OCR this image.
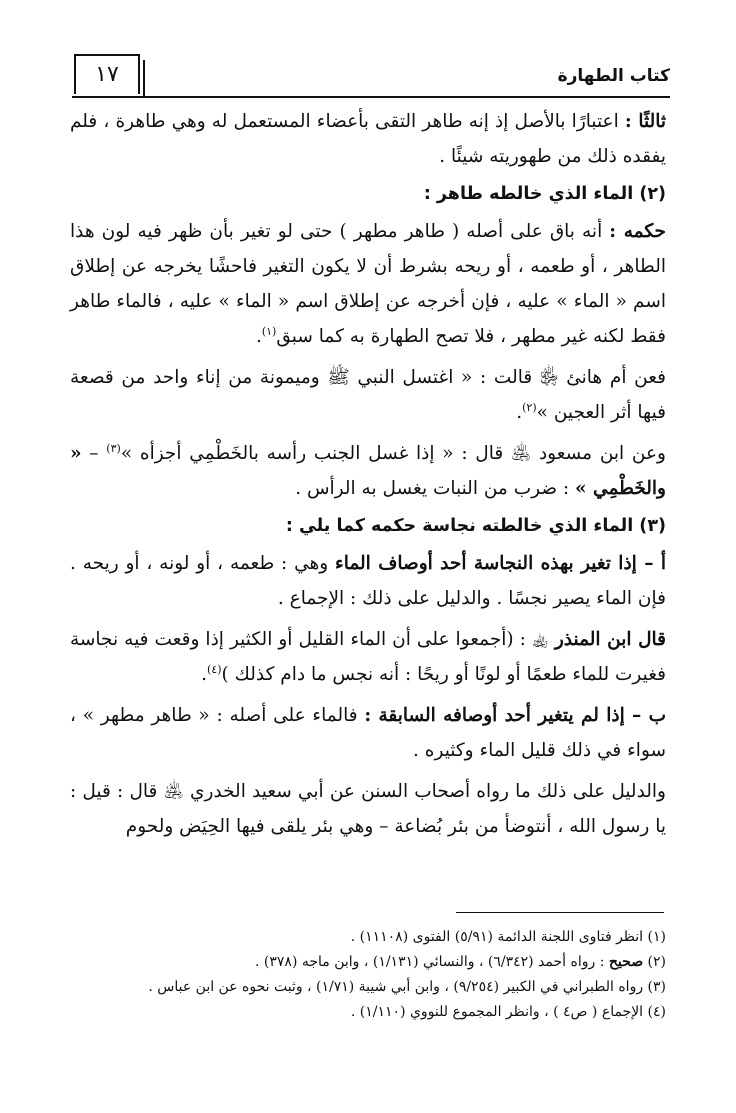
١٧	كتاب الطهارة

ثالثًا : اعتبارًا بالأصل إذ إنه طاهر التقى بأعضاء المستعمل له وهي طاهرة ، فلم يفقده ذلك من طهوريته شيئًا .

(٢) الماء الذي خالطه طاهر :

حكمه : أنه باق على أصله ( طاهر مطهر ) حتى لو تغير بأن ظهر فيه لون هذا الطاهر ، أو طعمه ، أو ريحه بشرط أن لا يكون التغير فاحشًا يخرجه عن إطلاق اسم « الماء » عليه ، فإن أخرجه عن إطلاق اسم « الماء » عليه ، فالماء طاهر فقط لكنه غير مطهر ، فلا تصح الطهارة به كما سبق$^{(١)}$.

فعن أم هانئ ﵂ قالت : « اغتسل النبي ﷺ وميمونة من إناء واحد من قصعة فيها أثر العجين »$^{(٢)}$.

وعن ابن مسعود ﵁ قال : « إذا غسل الجنب رأسه بالخَطْمِي أجزأه »$^{(٣)}$ – « والخَطْمِي » : ضرب من النبات يغسل به الرأس .

(٣) الماء الذي خالطته نجاسة حكمه كما يلي :

أ – إذا تغير بهذه النجاسة أحد أوصاف الماء وهي : طعمه ، أو لونه ، أو ريحه . فإن الماء يصير نجسًا . والدليل على ذلك : الإجماع .

قال ابن المنذر ﵀ : (أجمعوا على أن الماء القليل أو الكثير إذا وقعت فيه نجاسة فغيرت للماء طعمًا أو لونًا أو ريحًا : أنه نجس ما دام كذلك )$^{(٤)}$.

ب – إذا لم يتغير أحد أوصافه السابقة : فالماء على أصله : « طاهر مطهر » ، سواء في ذلك قليل الماء وكثيره .

والدليل على ذلك ما رواه أصحاب السنن عن أبي سعيد الخدري ﵁ قال : قيل : يا رسول الله ، أنتوضأ من بئر بُضاعة – وهي بئر يلقى فيها الحِيَض ولحوم

(١) انظر فتاوى اللجنة الدائمة (٥/٩١) الفتوى (١١١٠٨) .

(٢) صحيح : رواه أحمد (٦/٣٤٢) ، والنسائي (١/١٣١) ، وابن ماجه (٣٧٨) .

(٣) رواه الطبراني في الكبير (٩/٢٥٤) ، وابن أبي شيبة (١/٧١) ، وثبت نحوه عن ابن عباس .

(٤) الإجماع ( ص٤ ) ، وانظر المجموع للنووي (١/١١٠) .
